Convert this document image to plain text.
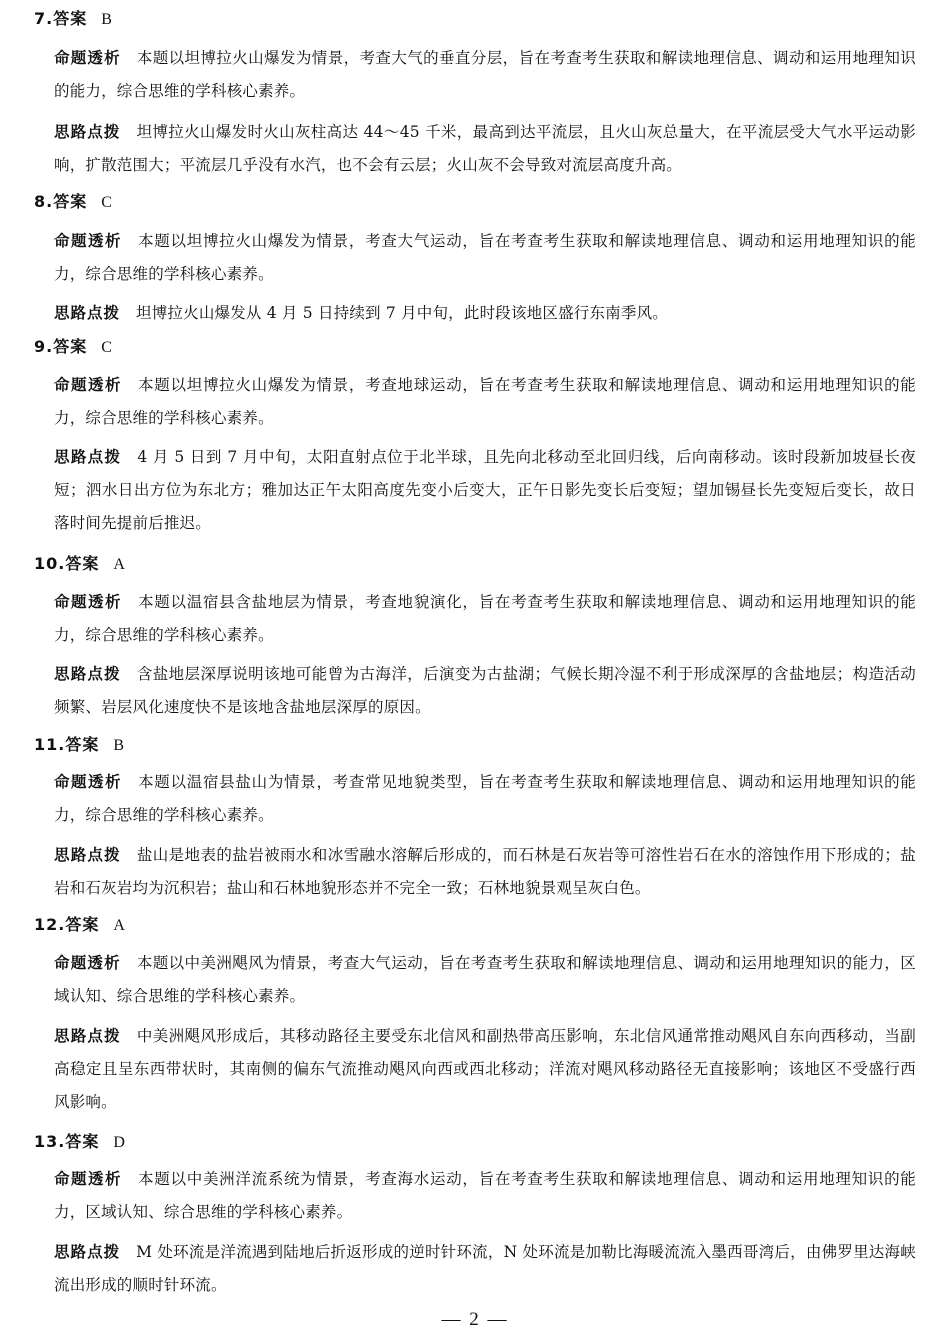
7.答案 B
命题透析 本题以坦博拉火山爆发为情景，考查大气的垂直分层，旨在考查考生获取和解读地理信息、调动和运用地理知识的能力，综合思维的学科核心素养。
思路点拨 坦博拉火山爆发时火山灰柱高达 44～45 千米，最高到达平流层，且火山灰总量大，在平流层受大气水平运动影响，扩散范围大；平流层几乎没有水汽，也不会有云层；火山灰不会导致对流层高度升高。
8.答案 C
命题透析 本题以坦博拉火山爆发为情景，考查大气运动，旨在考查考生获取和解读地理信息、调动和运用地理知识的能力，综合思维的学科核心素养。
思路点拨 坦博拉火山爆发从 4 月 5 日持续到 7 月中旬，此时段该地区盛行东南季风。
9.答案 C
命题透析 本题以坦博拉火山爆发为情景，考查地球运动，旨在考查考生获取和解读地理信息、调动和运用地理知识的能力，综合思维的学科核心素养。
思路点拨 4 月 5 日到 7 月中旬，太阳直射点位于北半球，且先向北移动至北回归线，后向南移动。该时段新加坡昼长夜短；泗水日出方位为东北方；雅加达正午太阳高度先变小后变大，正午日影先变长后变短；望加锡昼长先变短后变长，故日落时间先提前后推迟。
10.答案 A
命题透析 本题以温宿县含盐地层为情景，考查地貌演化，旨在考查考生获取和解读地理信息、调动和运用地理知识的能力，综合思维的学科核心素养。
思路点拨 含盐地层深厚说明该地可能曾为古海洋，后演变为古盐湖；气候长期冷湿不利于形成深厚的含盐地层；构造活动频繁、岩层风化速度快不是该地含盐地层深厚的原因。
11.答案 B
命题透析 本题以温宿县盐山为情景，考查常见地貌类型，旨在考查考生获取和解读地理信息、调动和运用地理知识的能力，综合思维的学科核心素养。
思路点拨 盐山是地表的盐岩被雨水和冰雪融水溶解后形成的，而石林是石灰岩等可溶性岩石在水的溶蚀作用下形成的；盐岩和石灰岩均为沉积岩；盐山和石林地貌形态并不完全一致；石林地貌景观呈灰白色。
12.答案 A
命题透析 本题以中美洲飓风为情景，考查大气运动，旨在考查考生获取和解读地理信息、调动和运用地理知识的能力，区域认知、综合思维的学科核心素养。
思路点拨 中美洲飓风形成后，其移动路径主要受东北信风和副热带高压影响，东北信风通常推动飓风自东向西移动，当副高稳定且呈东西带状时，其南侧的偏东气流推动飓风向西或西北移动；洋流对飓风移动路径无直接影响；该地区不受盛行西风影响。
13.答案 D
命题透析 本题以中美洲洋流系统为情景，考查海水运动，旨在考查考生获取和解读地理信息、调动和运用地理知识的能力，区域认知、综合思维的学科核心素养。
思路点拨 M 处环流是洋流遇到陆地后折返形成的逆时针环流，N 处环流是加勒比海暖流流入墨西哥湾后，由佛罗里达海峡流出形成的顺时针环流。
— 2 —
